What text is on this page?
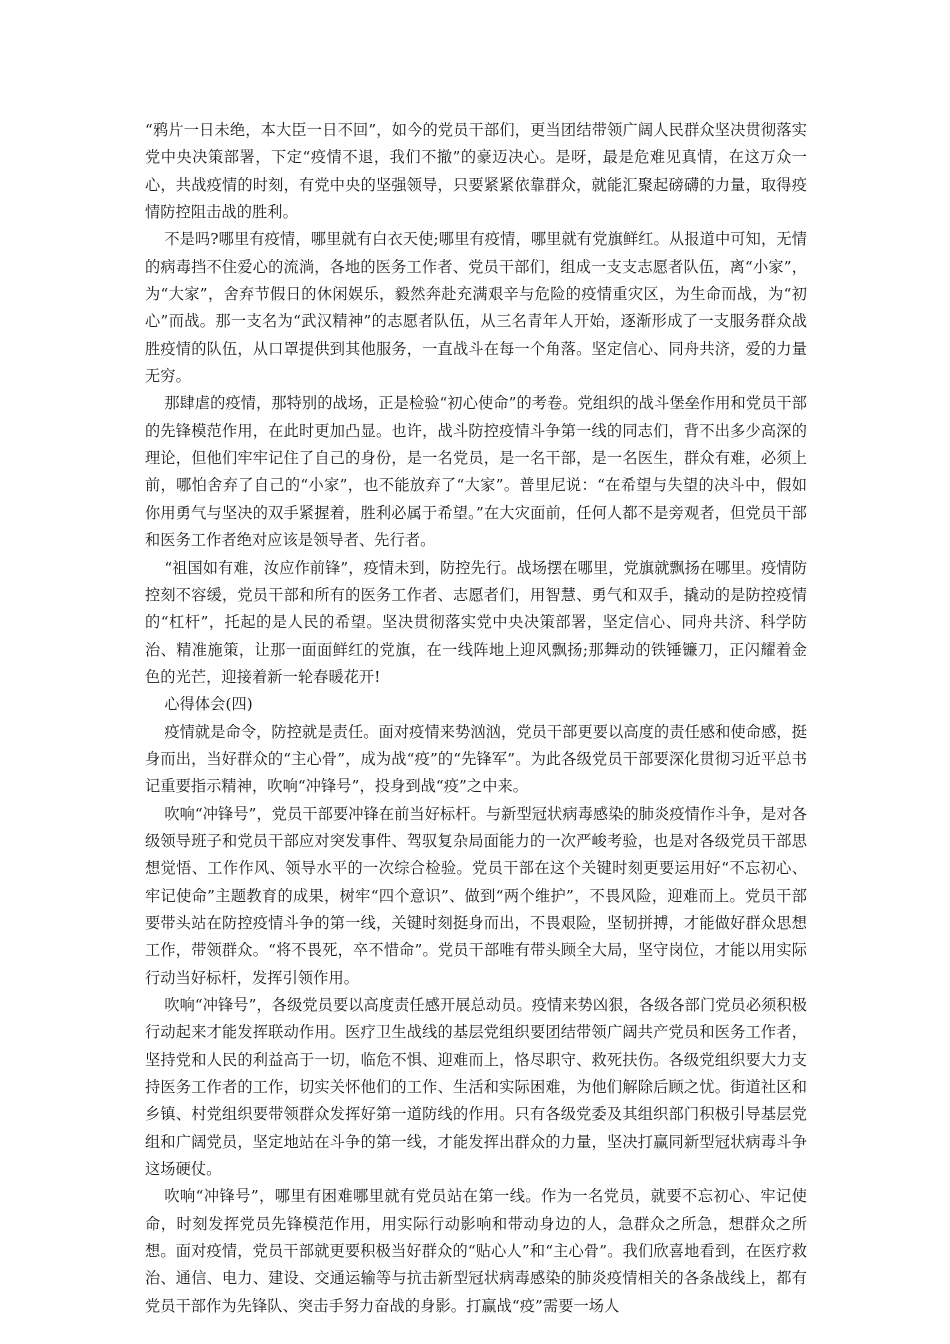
“鸦片一日未绝，本大臣一日不回”，如今的党员干部们，更当团结带领广阔人民群众坚决贯彻落实党中央决策部署，下定“疫情不退，我们不撤”的豪迈决心。是呀，最是危难见真情，在这万众一心，共战疫情的时刻，有党中央的坚强领导，只要紧紧依靠群众，就能汇聚起磅礴的力量，取得疫情防控阻击战的胜利。

不是吗?哪里有疫情，哪里就有白衣天使;哪里有疫情，哪里就有党旗鲜红。从报道中可知，无情的病毒挡不住爱心的流淌，各地的医务工作者、党员干部们，组成一支支志愿者队伍，离“小家”，为“大家”，舍弃节假日的休闲娱乐，毅然奔赴充满艰辛与危险的疫情重灾区，为生命而战，为“初心”而战。那一支名为“武汉精神”的志愿者队伍，从三名青年人开始，逐渐形成了一支服务群众战胜疫情的队伍，从口罩提供到其他服务，一直战斗在每一个角落。坚定信心、同舟共济，爱的力量无穷。

那肆虐的疫情，那特别的战场，正是检验“初心使命”的考卷。党组织的战斗堡垒作用和党员干部的先锋模范作用，在此时更加凸显。也许，战斗防控疫情斗争第一线的同志们，背不出多少高深的理论，但他们牢牢记住了自己的身份，是一名党员，是一名干部，是一名医生，群众有难，必须上前，哪怕舍弃了自己的“小家”，也不能放弃了“大家”。普里尼说：“在希望与失望的决斗中，假如你用勇气与坚决的双手紧握着，胜利必属于希望。”在大灾面前，任何人都不是旁观者，但党员干部和医务工作者绝对应该是领导者、先行者。

“祖国如有难，汝应作前锋”，疫情未到，防控先行。战场摆在哪里，党旗就飘扬在哪里。疫情防控刻不容缓，党员干部和所有的医务工作者、志愿者们，用智慧、勇气和双手，撬动的是防控疫情的“杠杆”，托起的是人民的希望。坚决贯彻落实党中央决策部署，坚定信心、同舟共济、科学防治、精准施策，让那一面面鲜红的党旗，在一线阵地上迎风飘扬;那舞动的铁锤镰刀，正闪耀着金色的光芒，迎接着新一轮春暖花开!

心得体会(四)

疫情就是命令，防控就是责任。面对疫情来势汹汹，党员干部更要以高度的责任感和使命感，挺身而出，当好群众的“主心骨”，成为战“疫”的“先锋军”。为此各级党员干部要深化贯彻习近平总书记重要指示精神，吹响“冲锋号”，投身到战“疫”之中来。

吹响“冲锋号”，党员干部要冲锋在前当好标杆。与新型冠状病毒感染的肺炎疫情作斗争，是对各级领导班子和党员干部应对突发事件、驾驭复杂局面能力的一次严峻考验，也是对各级党员干部思想觉悟、工作作风、领导水平的一次综合检验。党员干部在这个关键时刻更要运用好“不忘初心、牢记使命”主题教育的成果，树牢“四个意识”、做到“两个维护”，不畏风险，迎难而上。党员干部要带头站在防控疫情斗争的第一线，关键时刻挺身而出，不畏艰险，坚韧拼搏，才能做好群众思想工作，带领群众。“将不畏死，卒不惜命”。党员干部唯有带头顾全大局，坚守岗位，才能以用实际行动当好标杆，发挥引领作用。

吹响“冲锋号”，各级党员要以高度责任感开展总动员。疫情来势凶狠，各级各部门党员必须积极行动起来才能发挥联动作用。医疗卫生战线的基层党组织要团结带领广阔共产党员和医务工作者，坚持党和人民的利益高于一切，临危不惧、迎难而上，恪尽职守、救死扶伤。各级党组织要大力支持医务工作者的工作，切实关怀他们的工作、生活和实际困难，为他们解除后顾之忧。街道社区和乡镇、村党组织要带领群众发挥好第一道防线的作用。只有各级党委及其组织部门积极引导基层党组和广阔党员，坚定地站在斗争的第一线，才能发挥出群众的力量，坚决打赢同新型冠状病毒斗争这场硬仗。

吹响“冲锋号”，哪里有困难哪里就有党员站在第一线。作为一名党员，就要不忘初心、牢记使命，时刻发挥党员先锋模范作用，用实际行动影响和带动身边的人，急群众之所急，想群众之所想。面对疫情，党员干部就更要积极当好群众的“贴心人”和“主心骨”。我们欣喜地看到，在医疗救治、通信、电力、建设、交通运输等与抗击新型冠状病毒感染的肺炎疫情相关的各条战线上，都有党员干部作为先锋队、突击手努力奋战的身影。打赢战“疫”需要一场人
